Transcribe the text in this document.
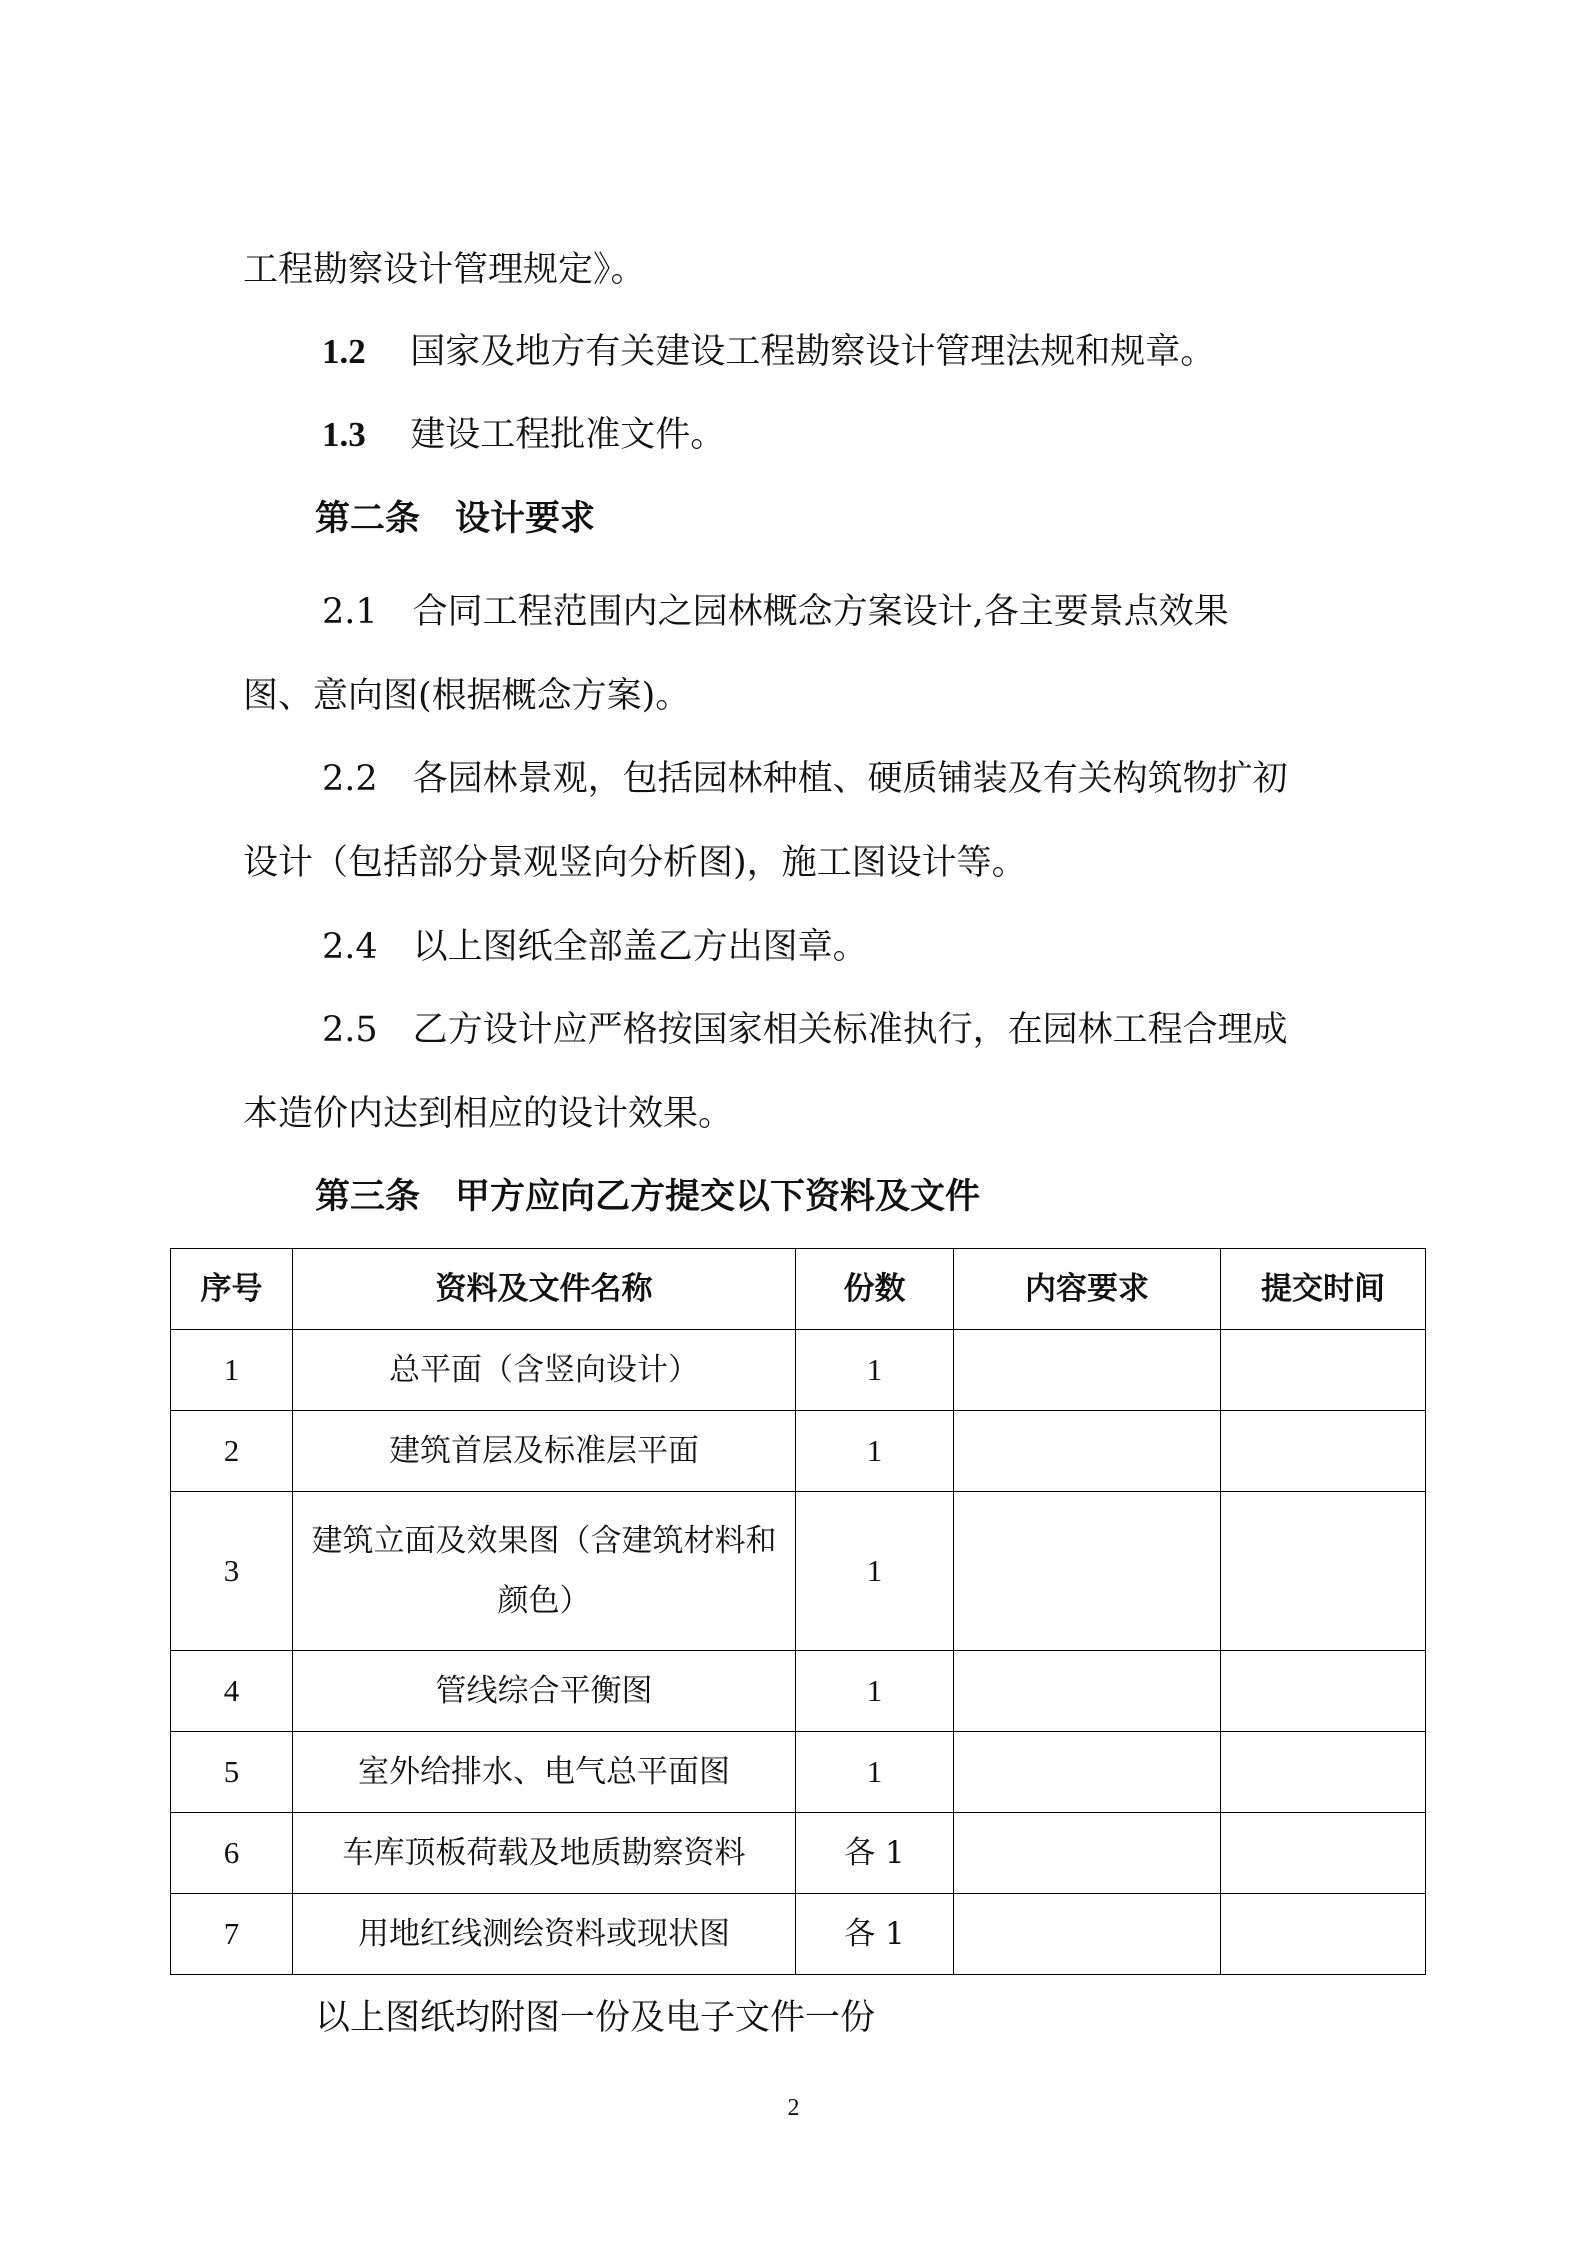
工程勘察设计管理规定》。
1.2 国家及地方有关建设工程勘察设计管理法规和规章。
1.3 建设工程批准文件。
第二条　设计要求
2.1　合同工程范围内之园林概念方案设计,各主要景点效果
图、意向图(根据概念方案)。
2.2　各园林景观，包括园林种植、硬质铺装及有关构筑物扩初
设计（包括部分景观竖向分析图)，施工图设计等。
2.4　以上图纸全部盖乙方出图章。
2.5　乙方设计应严格按国家相关标准执行，在园林工程合理成
本造价内达到相应的设计效果。
第三条　甲方应向乙方提交以下资料及文件
序号	资料及文件名称	份数	内容要求	提交时间
1	总平面（含竖向设计）	1		
2	建筑首层及标准层平面	1		
3	建筑立面及效果图（含建筑材料和颜色）	1		
4	管线综合平衡图	1		
5	室外给排水、电气总平面图	1		
6	车库顶板荷载及地质勘察资料	各 1		
7	用地红线测绘资料或现状图	各 1		
以上图纸均附图一份及电子文件一份
2
